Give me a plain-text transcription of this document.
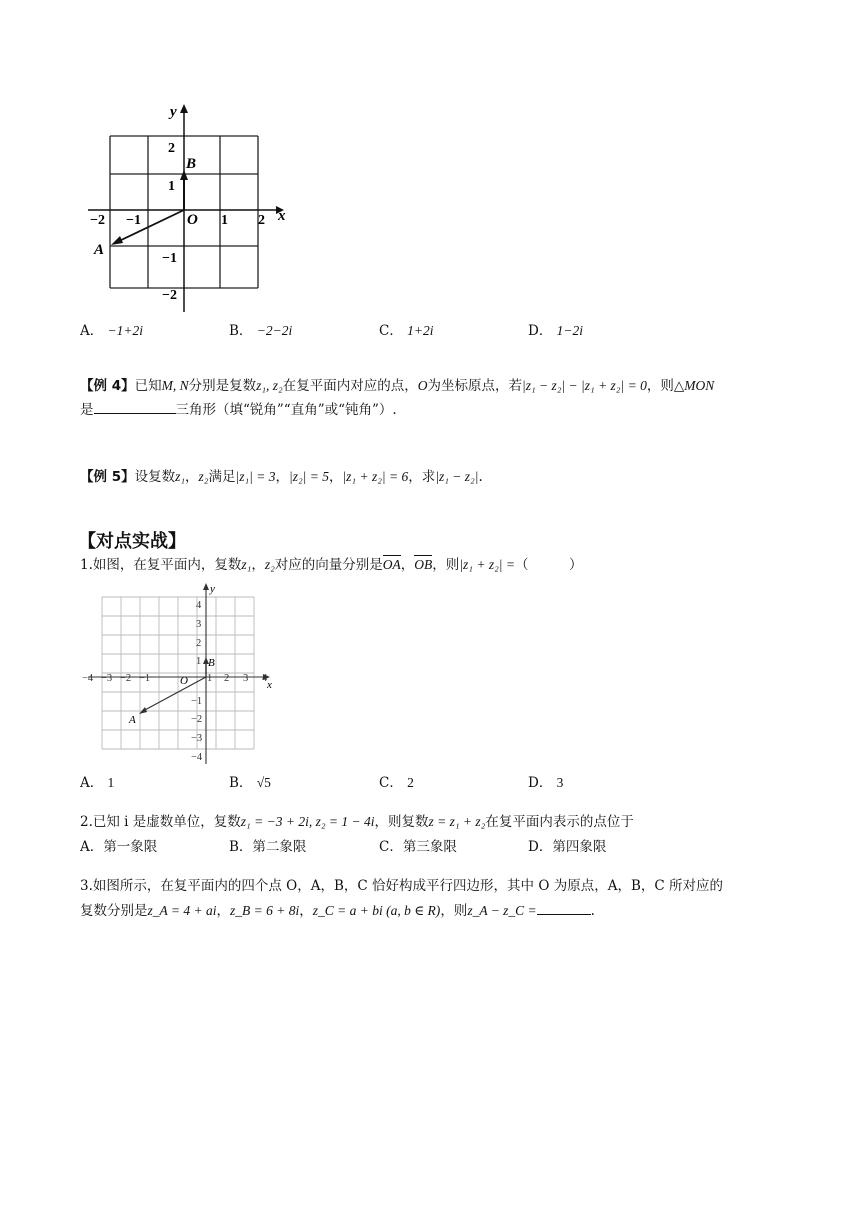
y
x
B
A
O
−2 −1	1 2
2
1
−1
−2
A． −1+2i	B． −2−2i	C． 1+2i	D． 1−2i
【例 4】已知M, N分别是复数z₁, z₂在复平面内对应的点，O为坐标原点，若|z₁ − z₂| − |z₁ + z₂| = 0，则△MON
是	三角形（填“锐角”“直角”或“钝角”）.
【例 5】设复数z₁，z₂满足|z₁| = 3，|z₂| = 5，|z₁ + z₂| = 6，求|z₁ − z₂|.
【对点实战】
1.如图，在复平面内，复数z₁，z₂对应的向量分别是OA，OB，则|z₁ + z₂| =（　　　）
−4 −3 −2 −1	1 2 3 4
4
3
2
1
−1
−2
−3
−4
y
x
B
A
O
A． 1	B． √5	C． 2	D． 3
2.已知 i 是虚数单位，复数z₁ = −3 + 2i, z₂ = 1 − 4i，则复数z = z₁ + z₂在复平面内表示的点位于
A．第一象限	B．第二象限	C．第三象限	D．第四象限
3.如图所示，在复平面内的四个点 O，A，B，C 恰好构成平行四边形，其中 O 为原点，A，B，C 所对应的
复数分别是z_A = 4 + ai，z_B = 6 + 8i，z_C = a + bi (a, b ∈ R)，则z_A − z_C =	.
